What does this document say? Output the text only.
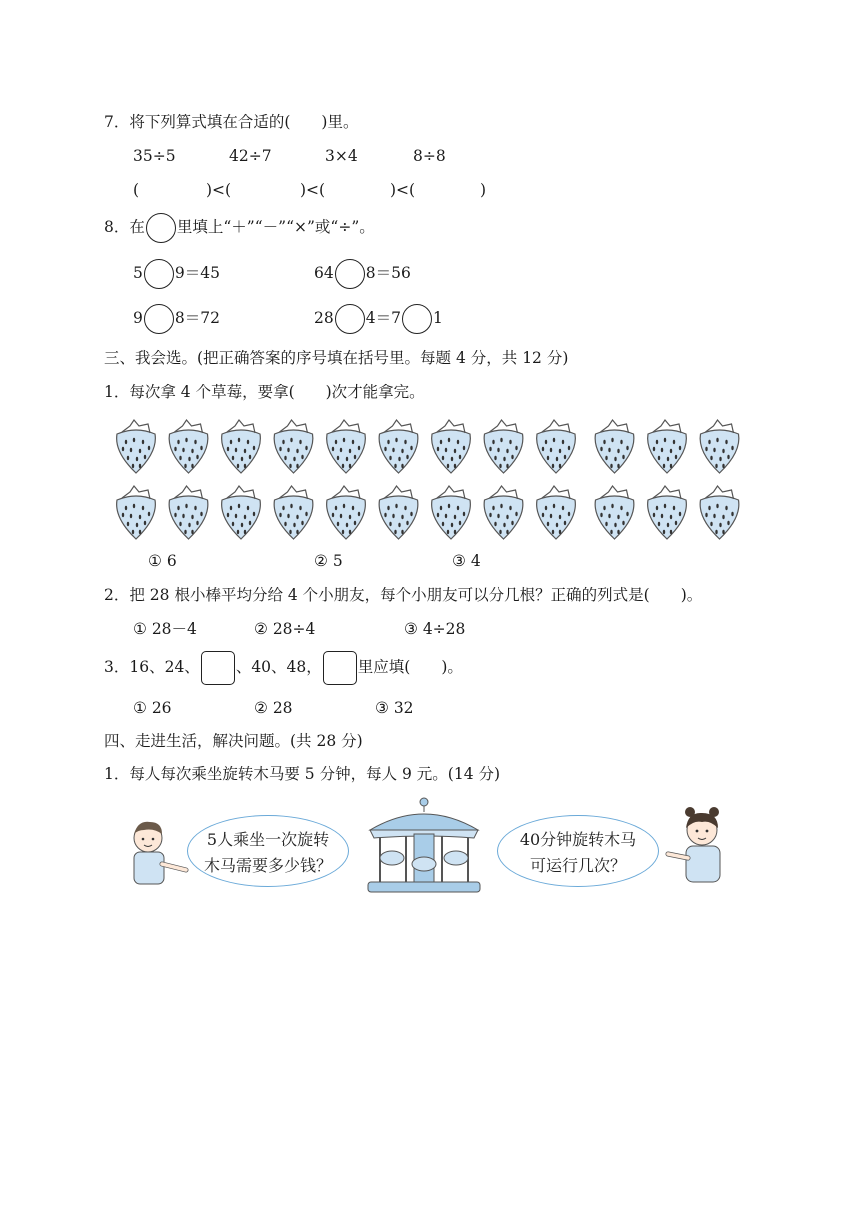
7．将下列算式填在合适的(　　)里。
35÷5	42÷7	3×4	8÷8
(	)<(	)<(	)<(	)
8．在 里填上“＋”“－”“×”或“÷”。
5 9＝45	64 8＝56
9 8＝72	28 4＝7 1
三、我会选。(把正确答案的序号填在括号里。每题 4 分，共 12 分)
1．每次拿 4 个草莓，要拿(　　)次才能拿完。
① 6	② 5	③ 4
2．把 28 根小棒平均分给 4 个小朋友，每个小朋友可以分几根？正确的列式是(　　)。
① 28－4	② 28÷4	③ 4÷28
3．16、24、 、40、48， 里应填(　　)。
① 26	② 28	③ 32
四、走进生活，解决问题。(共 28 分)
1．每人每次乘坐旋转木马要 5 分钟，每人 9 元。(14 分)
5人乘坐一次旋转
木马需要多少钱？
40分钟旋转木马
可运行几次？
